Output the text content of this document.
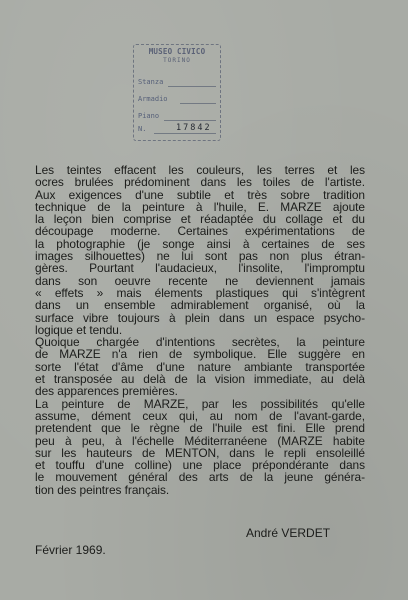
MUSEO CIVICO
TORINO
Stanza
Armadio
Piano
N.	17842

Les teintes effacent les couleurs, les terres et les

ocres brulées prédominent dans les toiles de l'artiste.

Aux exigences d'une subtile et très sobre tradition

technique de la peinture à l'huile, E. MARZE ajoute

la leçon bien comprise et réadaptée du collage et du

découpage moderne. Certaines expérimentations de

la photographie (je songe ainsi à certaines de ses

images silhouettes) ne lui sont pas non plus étran-

gères. Pourtant l'audacieux, l'insolite, l'impromptu

dans son oeuvre recente ne deviennent jamais

« effets » mais élements plastiques qui s'intègrent

dans un ensemble admirablement organisé, où la

surface vibre toujours à plein dans un espace psycho-

logique et tendu.

Quoique chargée d'intentions secrètes, la peinture

de MARZE n'a rien de symbolique. Elle suggère en

sorte l'état d'âme d'une nature ambiante transportée

et transposée au delà de la vision immediate, au delà

des apparences premières.

La peinture de MARZE, par les possibilités qu'elle

assume, dément ceux qui, au nom de l'avant-garde,

pretendent que le règne de l'huile est fini. Elle prend

peu à peu, à l'échelle Méditerranéene (MARZE habite

sur les hauteurs de MENTON, dans le repli ensoleillé

et touffu d'une colline) une place prépondérante dans

le mouvement général des arts de la jeune généra-

tion des peintres français.

André VERDET
Février 1969.
